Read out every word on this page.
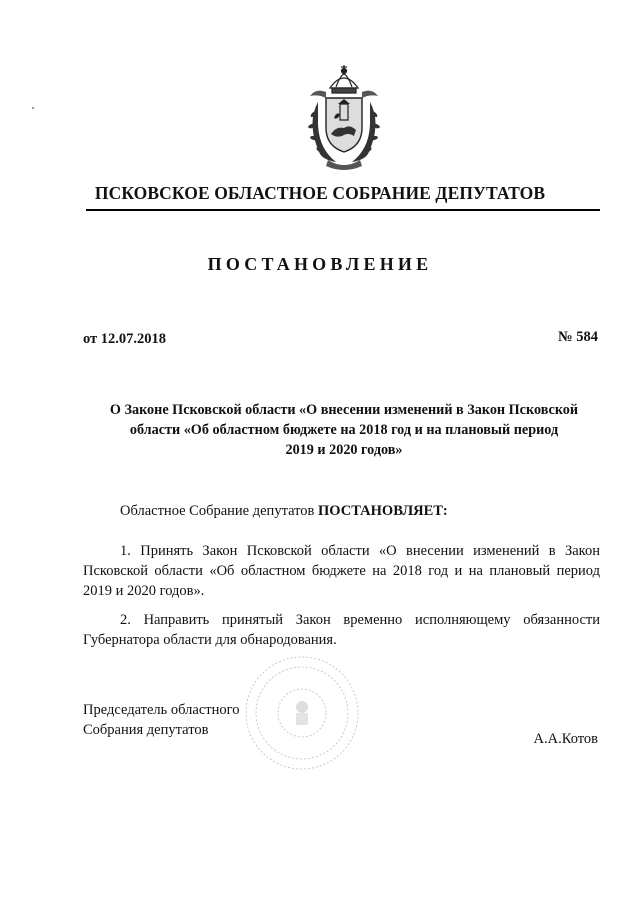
ПСКОВСКОЕ ОБЛАСТНОЕ СОБРАНИЕ ДЕПУТАТОВ
ПОСТАНОВЛЕНИЕ
от 12.07.2018	№ 584
О Законе Псковской области «О внесении изменений в Закон Псковской
области «Об областном бюджете на 2018 год и на плановый период
2019 и 2020 годов»
Областное Собрание депутатов ПОСТАНОВЛЯЕТ:
1. Принять Закон Псковской области «О внесении изменений в Закон Псковской области «Об областном бюджете на 2018 год и на плановый период 2019 и 2020 годов».
2. Направить принятый Закон временно исполняющему обязанности Губернатора области для обнародования.
Председатель областного
Собрания депутатов
А.А.Котов
